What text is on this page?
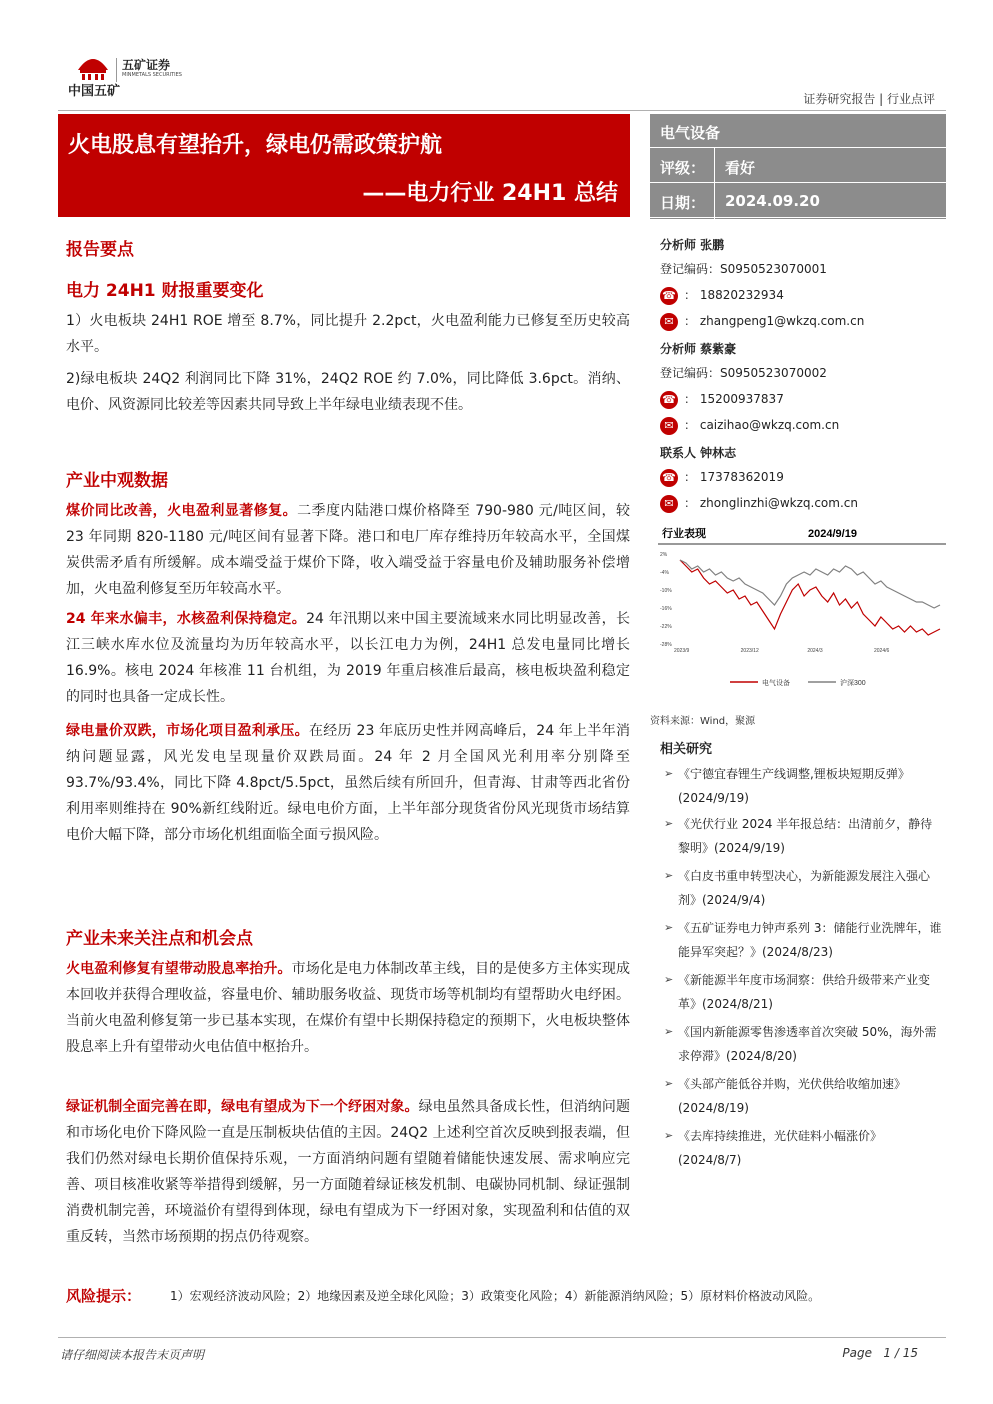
中国五矿
五矿证券
MINMETALS SECURITIES
证券研究报告 | 行业点评
火电股息有望抬升，绿电仍需政策护航
——电力行业 24H1 总结
电气设备
评级： 看好
日期： 2024.09.20
报告要点
电力 24H1 财报重要变化
1）火电板块 24H1 ROE 增至 8.7%，同比提升 2.2pct，火电盈利能力已修复至历史较高水平。
2)绿电板块 24Q2 利润同比下降 31%，24Q2 ROE 约 7.0%，同比降低 3.6pct。消纳、电价、风资源同比较差等因素共同导致上半年绿电业绩表现不佳。
产业中观数据
煤价同比改善，火电盈利显著修复。二季度内陆港口煤价格降至 790-980 元/吨区间，较 23 年同期 820-1180 元/吨区间有显著下降。港口和电厂库存维持历年较高水平，全国煤炭供需矛盾有所缓解。成本端受益于煤价下降，收入端受益于容量电价及辅助服务补偿增加，火电盈利修复至历年较高水平。
24 年来水偏丰，水核盈利保持稳定。24 年汛期以来中国主要流域来水同比明显改善，长江三峡水库水位及流量均为历年较高水平，以长江电力为例，24H1 总发电量同比增长 16.9%。核电 2024 年核准 11 台机组，为 2019 年重启核准后最高，核电板块盈利稳定的同时也具备一定成长性。
绿电量价双跌，市场化项目盈利承压。在经历 23 年底历史性并网高峰后，24 年上半年消纳问题显露，风光发电呈现量价双跌局面。24 年 2 月全国风光利用率分别降至 93.7%/93.4%，同比下降 4.8pct/5.5pct，虽然后续有所回升，但青海、甘肃等西北省份利用率则维持在 90%新红线附近。绿电电价方面，上半年部分现货省份风光现货市场结算电价大幅下降，部分市场化机组面临全面亏损风险。
产业未来关注点和机会点
火电盈利修复有望带动股息率抬升。市场化是电力体制改革主线，目的是使多方主体实现成本回收并获得合理收益，容量电价、辅助服务收益、现货市场等机制均有望帮助火电纾困。当前火电盈利修复第一步已基本实现，在煤价有望中长期保持稳定的预期下，火电板块整体股息率上升有望带动火电估值中枢抬升。
绿证机制全面完善在即，绿电有望成为下一个纾困对象。绿电虽然具备成长性，但消纳问题和市场化电价下降风险一直是压制板块估值的主因。24Q2 上述利空首次反映到报表端，但我们仍然对绿电长期价值保持乐观，一方面消纳问题有望随着储能快速发展、需求响应完善、项目核准收紧等举措得到缓解，另一方面随着绿证核发机制、电碳协同机制、绿证强制消费机制完善，环境溢价有望得到体现，绿电有望成为下一纾困对象，实现盈利和估值的双重反转，当然市场预期的拐点仍待观察。
风险提示： 1）宏观经济波动风险；2）地缘因素及逆全球化风险；3）政策变化风险；4）新能源消纳风险；5）原材料价格波动风险。
分析师 张鹏
登记编码：S0950523070001
☎ ： 18820232934
✉ ： zhangpeng1@wkzq.com.cn
分析师 蔡紫豪
登记编码：S0950523070002
☎ ： 15200937837
✉ ： caizihao@wkzq.com.cn
联系人 钟林志
☎ ： 17378362019
✉ ： zhonglinzhi@wkzq.com.cn
行业表现	2024/9/19
2%
-4%
-10%
-16%
-22%
-28%
2023/9	2023/12	2024/3	2024/6
电气设备	沪深300
资料来源：Wind，聚源
相关研究
➢ 《宁德宜春锂生产线调整,锂板块短期反弹》(2024/9/19)
➢ 《光伏行业 2024 半年报总结：出清前夕，静待黎明》(2024/9/19)
➢ 《白皮书重申转型决心，为新能源发展注入强心剂》(2024/9/4)
➢ 《五矿证券电力钟声系列 3：储能行业洗牌年，谁能异军突起？》(2024/8/23)
➢ 《新能源半年度市场洞察：供给升级带来产业变革》(2024/8/21)
➢ 《国内新能源零售渗透率首次突破 50%，海外需求停滞》(2024/8/20)
➢ 《头部产能低谷并购，光伏供给收缩加速》(2024/8/19)
➢ 《去库持续推进，光伏硅料小幅涨价》(2024/8/7)
请仔细阅读本报告末页声明	Page 1 / 15
